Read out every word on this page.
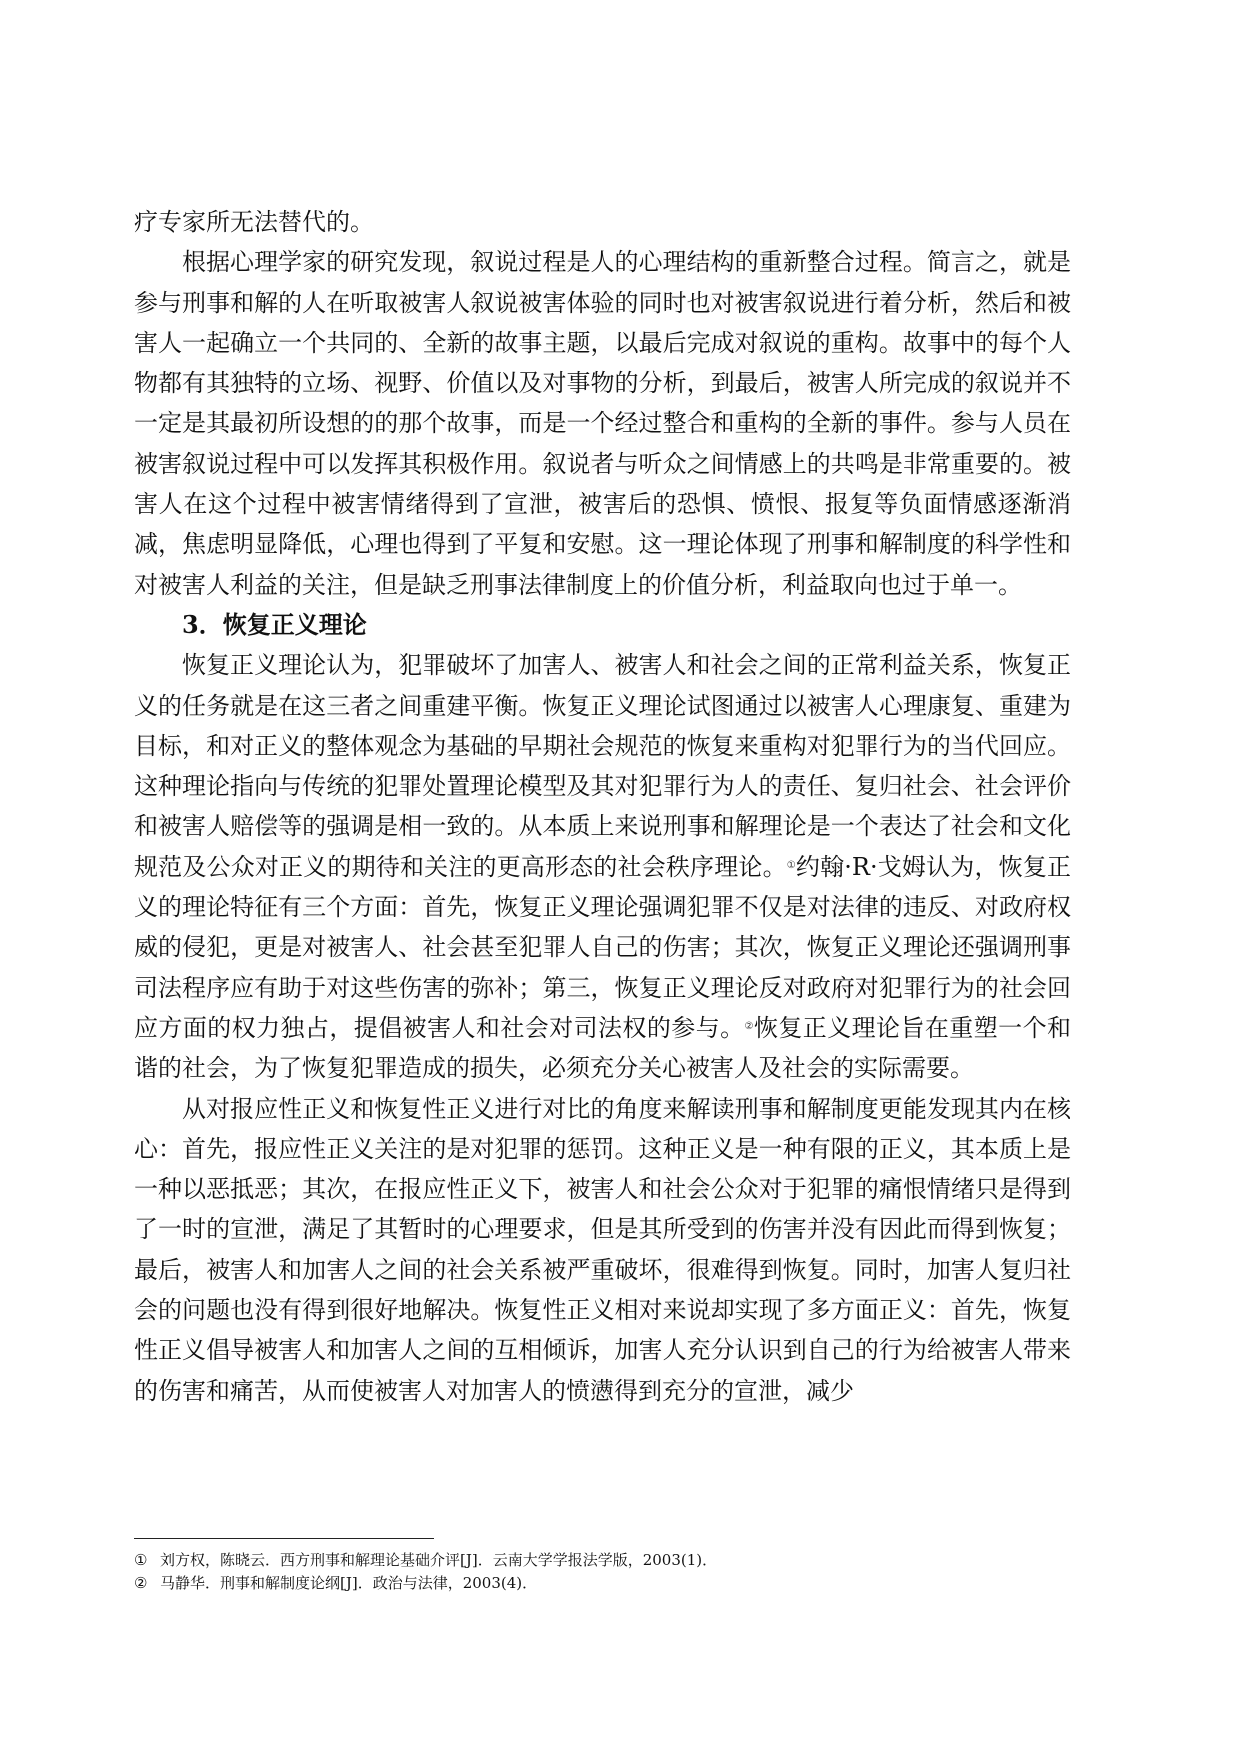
疗专家所无法替代的。

根据心理学家的研究发现，叙说过程是人的心理结构的重新整合过程。简言之，就是参与刑事和解的人在听取被害人叙说被害体验的同时也对被害叙说进行着分析，然后和被害人一起确立一个共同的、全新的故事主题，以最后完成对叙说的重构。故事中的每个人物都有其独特的立场、视野、价值以及对事物的分析，到最后，被害人所完成的叙说并不一定是其最初所设想的的那个故事，而是一个经过整合和重构的全新的事件。参与人员在被害叙说过程中可以发挥其积极作用。叙说者与听众之间情感上的共鸣是非常重要的。被害人在这个过程中被害情绪得到了宣泄，被害后的恐惧、愤恨、报复等负面情感逐渐消减，焦虑明显降低，心理也得到了平复和安慰。这一理论体现了刑事和解制度的科学性和对被害人利益的关注，但是缺乏刑事法律制度上的价值分析，利益取向也过于单一。

3．恢复正义理论

恢复正义理论认为，犯罪破坏了加害人、被害人和社会之间的正常利益关系，恢复正义的任务就是在这三者之间重建平衡。恢复正义理论试图通过以被害人心理康复、重建为目标，和对正义的整体观念为基础的早期社会规范的恢复来重构对犯罪行为的当代回应。这种理论指向与传统的犯罪处置理论模型及其对犯罪行为人的责任、复归社会、社会评价和被害人赔偿等的强调是相一致的。从本质上来说刑事和解理论是一个表达了社会和文化规范及公众对正义的期待和关注的更高形态的社会秩序理论。①约翰·R·戈姆认为，恢复正义的理论特征有三个方面：首先，恢复正义理论强调犯罪不仅是对法律的违反、对政府权威的侵犯，更是对被害人、社会甚至犯罪人自己的伤害；其次，恢复正义理论还强调刑事司法程序应有助于对这些伤害的弥补；第三，恢复正义理论反对政府对犯罪行为的社会回应方面的权力独占，提倡被害人和社会对司法权的参与。②恢复正义理论旨在重塑一个和谐的社会，为了恢复犯罪造成的损失，必须充分关心被害人及社会的实际需要。

从对报应性正义和恢复性正义进行对比的角度来解读刑事和解制度更能发现其内在核心：首先，报应性正义关注的是对犯罪的惩罚。这种正义是一种有限的正义，其本质上是一种以恶抵恶；其次，在报应性正义下，被害人和社会公众对于犯罪的痛恨情绪只是得到了一时的宣泄，满足了其暂时的心理要求，但是其所受到的伤害并没有因此而得到恢复；最后，被害人和加害人之间的社会关系被严重破坏，很难得到恢复。同时，加害人复归社会的问题也没有得到很好地解决。恢复性正义相对来说却实现了多方面正义：首先，恢复性正义倡导被害人和加害人之间的互相倾诉，加害人充分认识到自己的行为给被害人带来的伤害和痛苦，从而使被害人对加害人的愤懑得到充分的宣泄，减少

① 刘方权，陈晓云．西方刑事和解理论基础介评[J]．云南大学学报法学版，2003(1)．

② 马静华．刑事和解制度论纲[J]．政治与法律，2003(4)．
